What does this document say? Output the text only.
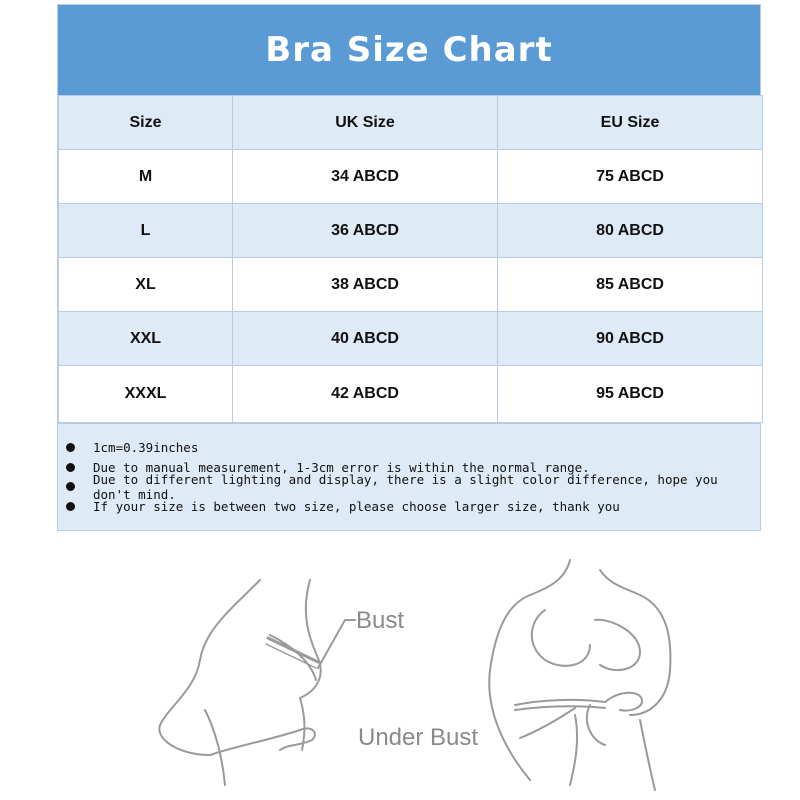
Bra Size Chart
Size	UK Size	EU Size
M	34 ABCD	75 ABCD
L	36 ABCD	80 ABCD
XL	38 ABCD	85 ABCD
XXL	40 ABCD	90 ABCD
XXXL	42 ABCD	95 ABCD
1cm=0.39inches
Due to manual measurement, 1-3cm error is within the normal range.
Due to different lighting and display, there is a slight color difference, hope you don't mind.
If your size is between two size, please choose larger size, thank you
Bust
Under Bust
